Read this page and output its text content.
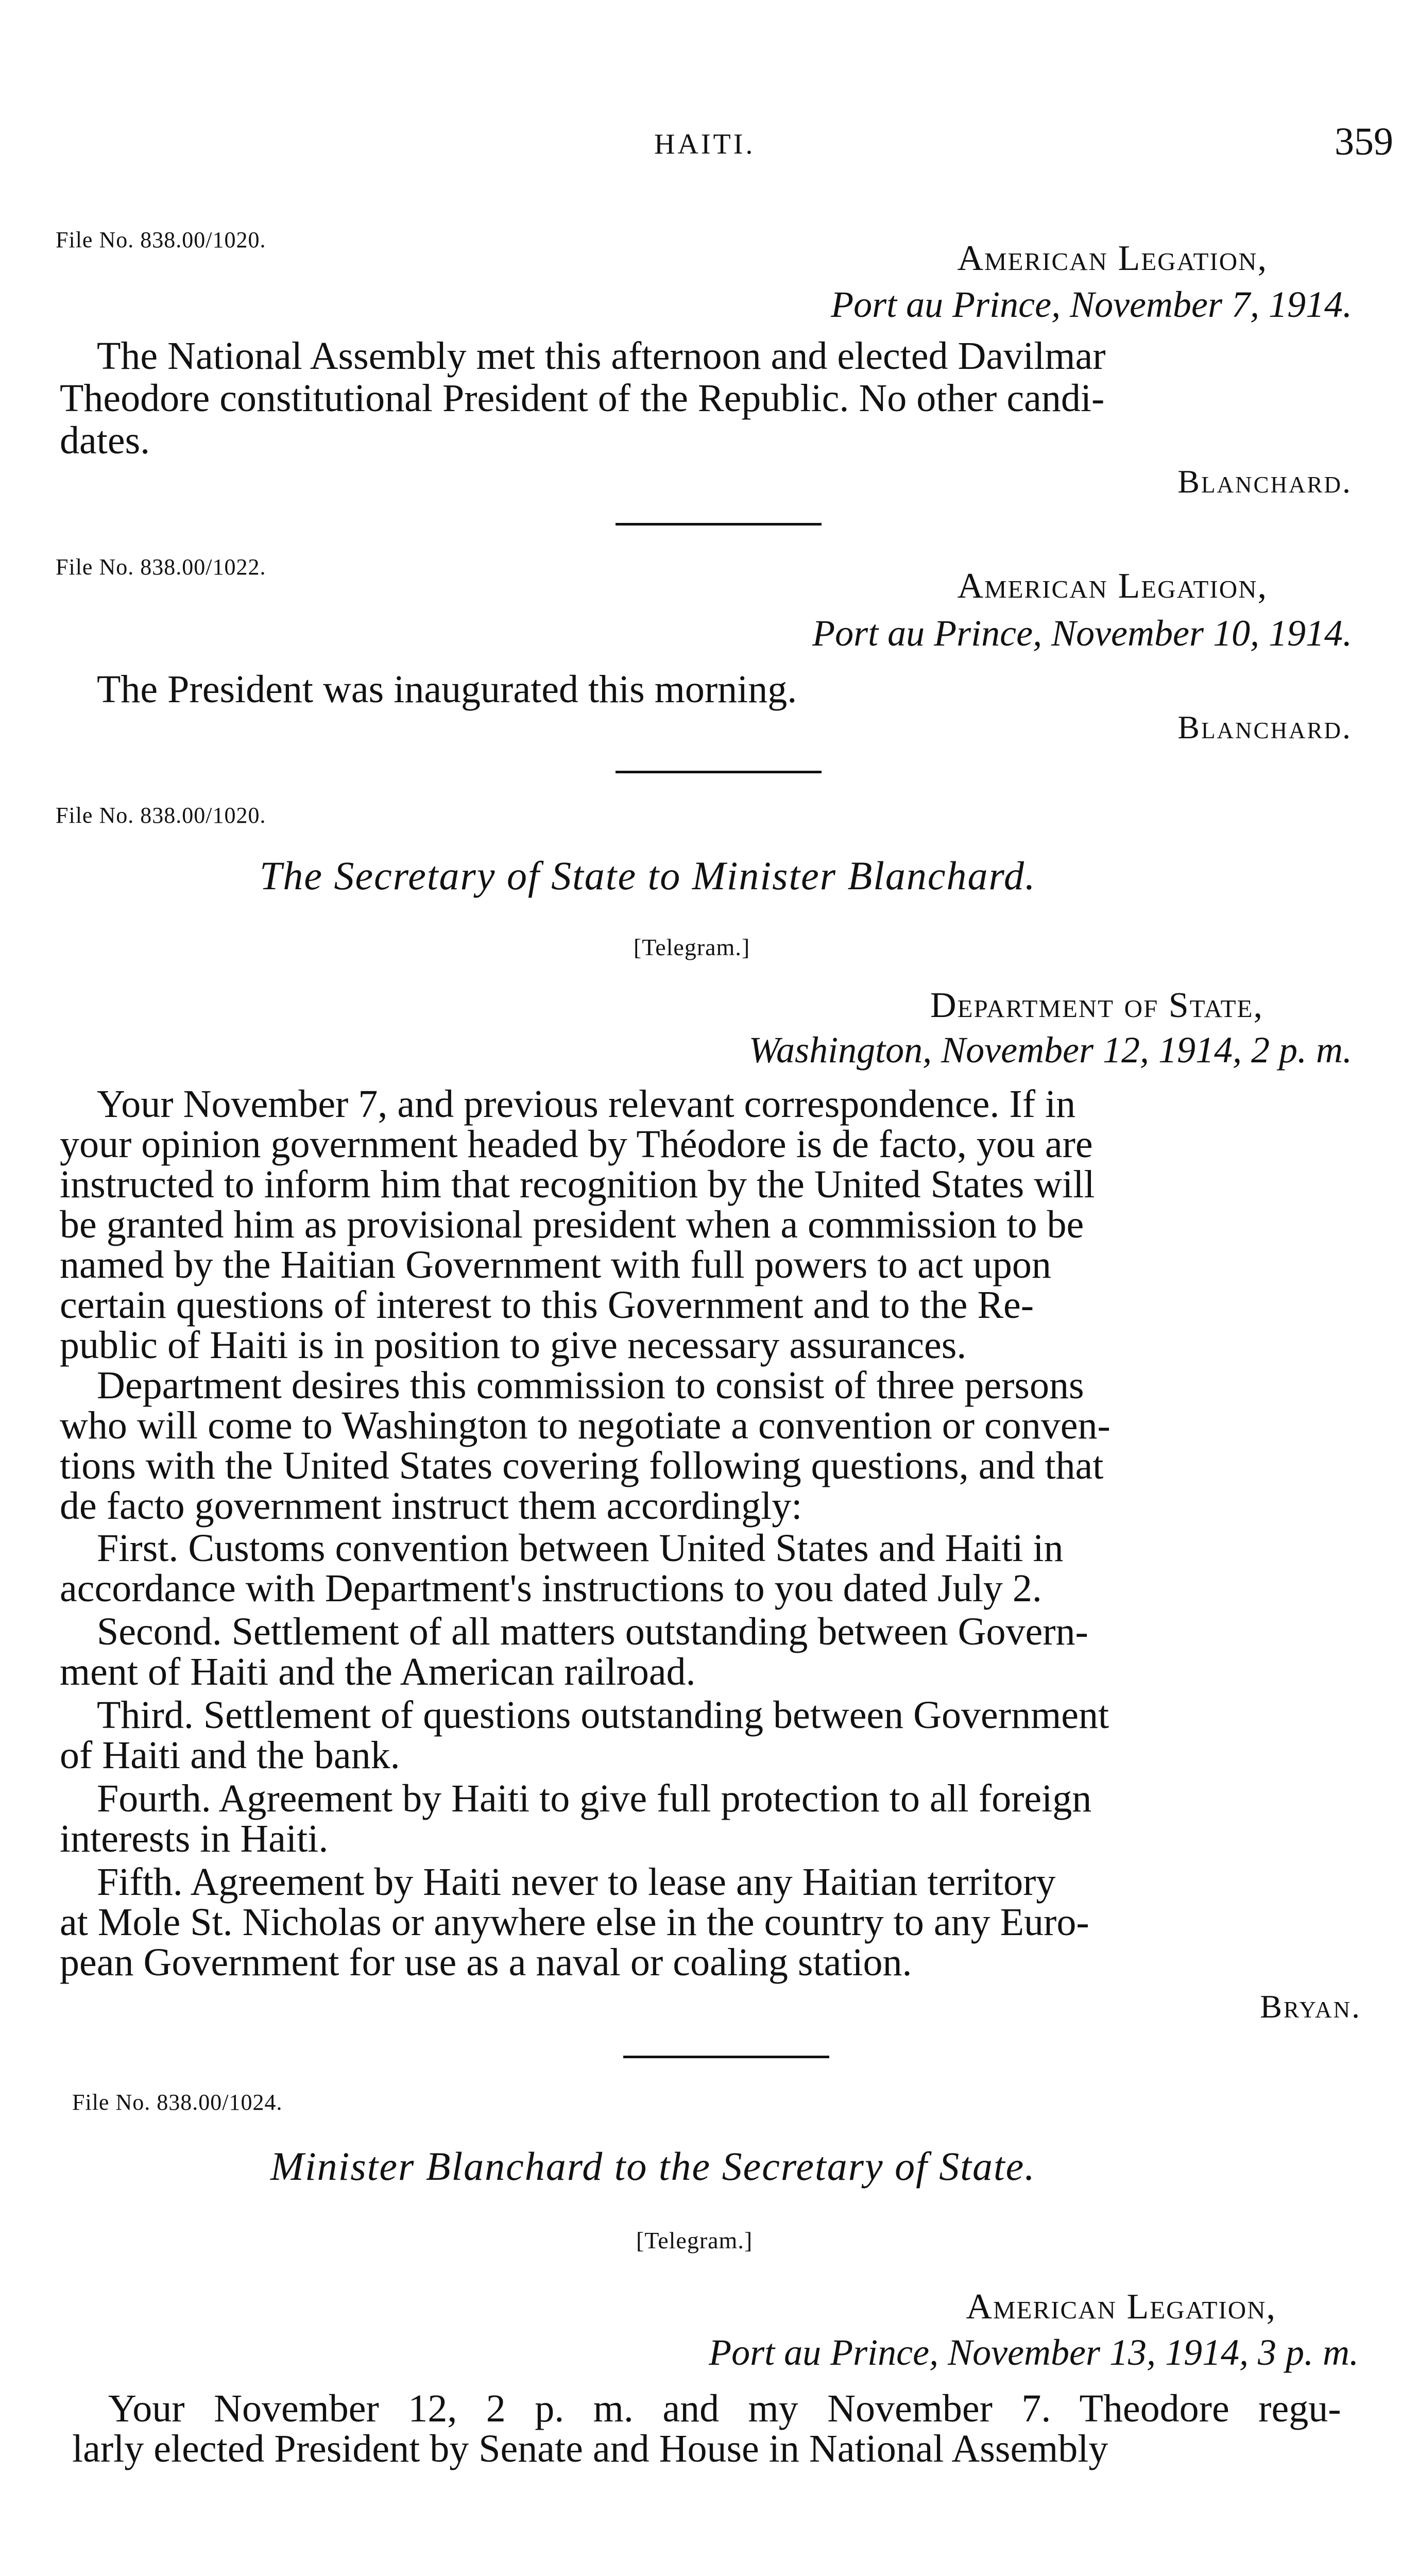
HAITI.	359
File No. 838.00/1020.	American Legation,
Port au Prince, November 7, 1914.
The National Assembly met this afternoon and elected Davilmar
Theodore constitutional President of the Republic. No other candi-
dates.
Blanchard.
File No. 838.00/1022.	American Legation,
Port au Prince, November 10, 1914.
The President was inaugurated this morning.
Blanchard.
File No. 838.00/1020.
The Secretary of State to Minister Blanchard.
[Telegram.]
Department of State,
Washington, November 12, 1914, 2 p. m.
Your November 7, and previous relevant correspondence. If in
your opinion government headed by Théodore is de facto, you are
instructed to inform him that recognition by the United States will
be granted him as provisional president when a commission to be
named by the Haitian Government with full powers to act upon
certain questions of interest to this Government and to the Re-
public of Haiti is in position to give necessary assurances.
Department desires this commission to consist of three persons
who will come to Washington to negotiate a convention or conven-
tions with the United States covering following questions, and that
de facto government instruct them accordingly:
First. Customs convention between United States and Haiti in
accordance with Department's instructions to you dated July 2.
Second. Settlement of all matters outstanding between Govern-
ment of Haiti and the American railroad.
Third. Settlement of questions outstanding between Government
of Haiti and the bank.
Fourth. Agreement by Haiti to give full protection to all foreign
interests in Haiti.
Fifth. Agreement by Haiti never to lease any Haitian territory
at Mole St. Nicholas or anywhere else in the country to any Euro-
pean Government for use as a naval or coaling station.
Bryan.
File No. 838.00/1024.
Minister Blanchard to the Secretary of State.
[Telegram.]
American Legation,
Port au Prince, November 13, 1914, 3 p. m.
Your November 12, 2 p. m. and my November 7. Theodore regu-
larly elected President by Senate and House in National Assembly
